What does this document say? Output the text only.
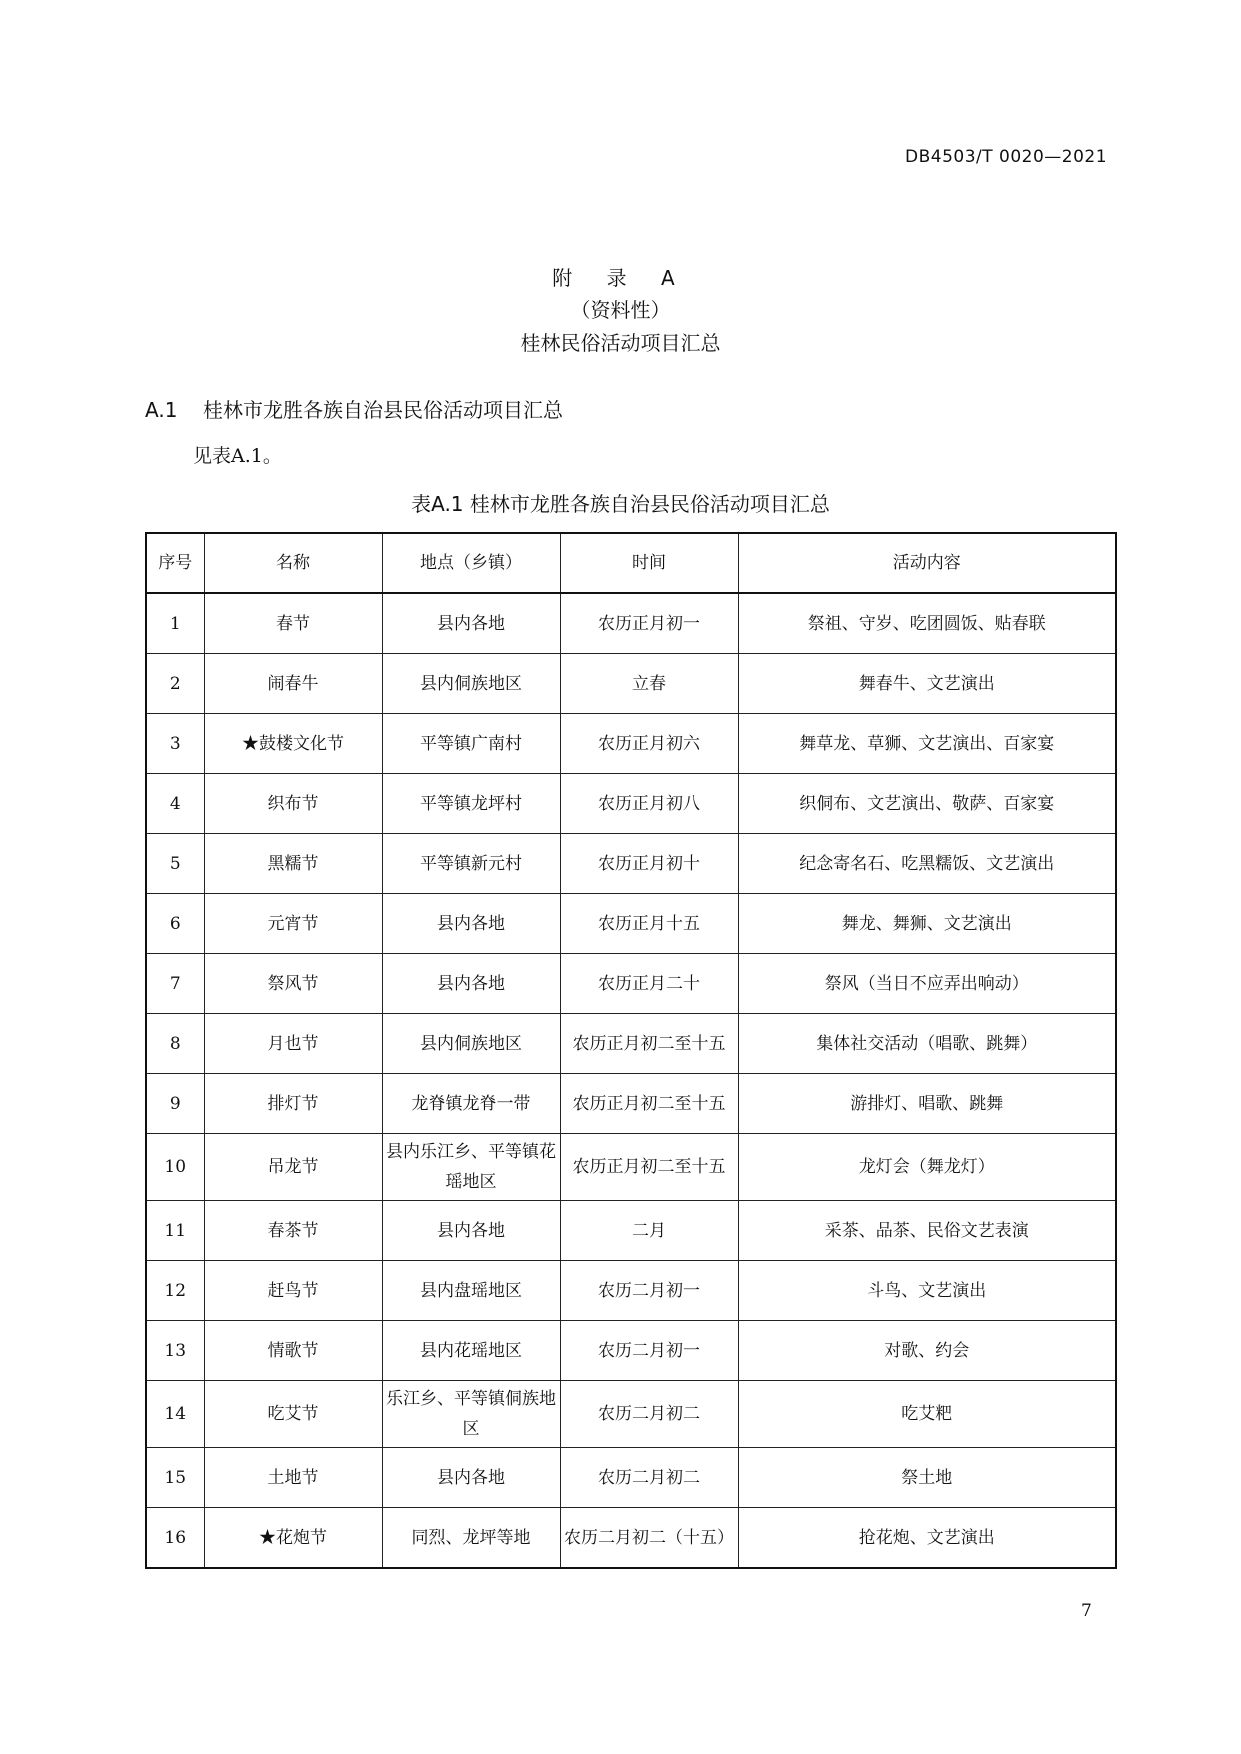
DB4503/T 0020—2021
附 录 A
（资料性）
桂林民俗活动项目汇总
A.1 桂林市龙胜各族自治县民俗活动项目汇总
见表A.1。
表A.1 桂林市龙胜各族自治县民俗活动项目汇总
序号	名称	地点（乡镇）	时间	活动内容
1	春节	县内各地	农历正月初一	祭祖、守岁、吃团圆饭、贴春联
2	闹春牛	县内侗族地区	立春	舞春牛、文艺演出
3	★鼓楼文化节	平等镇广南村	农历正月初六	舞草龙、草狮、文艺演出、百家宴
4	织布节	平等镇龙坪村	农历正月初八	织侗布、文艺演出、敬萨、百家宴
5	黑糯节	平等镇新元村	农历正月初十	纪念寄名石、吃黑糯饭、文艺演出
6	元宵节	县内各地	农历正月十五	舞龙、舞狮、文艺演出
7	祭风节	县内各地	农历正月二十	祭风（当日不应弄出响动）
8	月也节	县内侗族地区	农历正月初二至十五	集体社交活动（唱歌、跳舞）
9	排灯节	龙脊镇龙脊一带	农历正月初二至十五	游排灯、唱歌、跳舞
10	吊龙节	县内乐江乡、平等镇花瑶地区	农历正月初二至十五	龙灯会（舞龙灯）
11	春茶节	县内各地	二月	采茶、品茶、民俗文艺表演
12	赶鸟节	县内盘瑶地区	农历二月初一	斗鸟、文艺演出
13	情歌节	县内花瑶地区	农历二月初一	对歌、约会
14	吃艾节	乐江乡、平等镇侗族地区	农历二月初二	吃艾粑
15	土地节	县内各地	农历二月初二	祭土地
16	★花炮节	同烈、龙坪等地	农历二月初二（十五）	抢花炮、文艺演出
7
